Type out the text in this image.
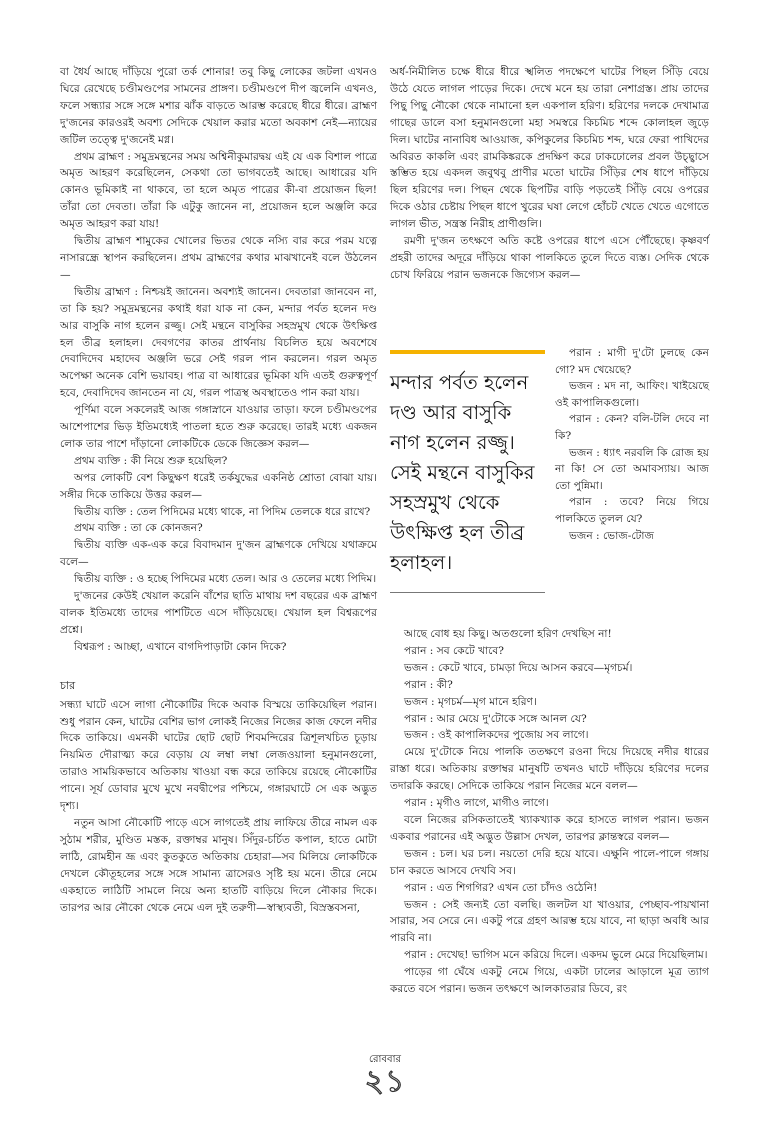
বা ধৈর্য আছে দাঁড়িয়ে পুরো তর্ক শোনার! তবু কিছু লোকের জটলা এখনও ঘিরে রেখেছে চণ্ডীমণ্ডপের সামনের প্রাঙ্গণ। চণ্ডীমণ্ডপে দীপ জ্বলেনি এখনও, ফলে সন্ধ্যার সঙ্গে সঙ্গে মশার ঝাঁক বাড়তে আরম্ভ করেছে ধীরে ধীরে। ব্রাহ্মণ দু'জনের কারওরই অবশ্য সেদিকে খেয়াল করার মতো অবকাশ নেই—ন্যায়ের জটিল তত্ত্বে দু'জনেই মগ্ন।

প্রথম ব্রাহ্মণ : সমুদ্রমন্থনের সময় অশ্বিনীকুমারদ্বয় এই যে এক বিশাল পাত্রে অমৃত আহরণ করেছিলেন, সেকথা তো ভাগবতেই আছে। আধারের যদি কোনও ভূমিকাই না থাকবে, তা হলে অমৃত পাত্রের কী-বা প্রয়োজন ছিল! তাঁরা তো দেবতা। তাঁরা কি এটুকু জানেন না, প্রয়োজন হলে অঞ্জলি করে অমৃত আহরণ করা যায়!

দ্বিতীয় ব্রাহ্মণ শামুকের খোলের ভিতর থেকে নস্যি বার করে পরম যত্নে নাসারন্ধ্রে স্থাপন করছিলেন। প্রথম ব্রাহ্মণের কথার মাঝখানেই বলে উঠলেন—

দ্বিতীয় ব্রাহ্মণ : নিশ্চয়ই জানেন। অবশ্যই জানেন। দেবতারা জানবেন না, তা কি হয়? সমুদ্রমন্থনের কথাই ধরা যাক না কেন, মন্দার পর্বত হলেন দণ্ড আর বাসুকি নাগ হলেন রজ্জু। সেই মন্থনে বাসুকির সহস্রমুখ থেকে উৎক্ষিপ্ত হল তীব্র হলাহল। দেবগণের কাতর প্রার্থনায় বিচলিত হয়ে অবশেষে দেবাদিদেব মহাদেব অঞ্জলি ভরে সেই গরল পান করলেন। গরল অমৃত অপেক্ষা অনেক বেশি ভয়াবহ। পাত্র বা আধারের ভূমিকা যদি এতই গুরুত্বপূর্ণ হবে, দেবাদিদেব জানতেন না যে, গরল পাত্রস্থ অবস্থাতেও পান করা যায়।

পূর্ণিমা বলে সকলেরই আজ গঙ্গাস্নানে যাওয়ার তাড়া। ফলে চণ্ডীমণ্ডপের আশেপাশের ভিড় ইতিমধ্যেই পাতলা হতে শুরু করেছে। তারই মধ্যে একজন লোক তার পাশে দাঁড়ানো লোকটিকে ডেকে জিজ্ঞেস করল—

প্রথম ব্যক্তি : কী নিয়ে শুরু হয়েছিল?

অপর লোকটি বেশ কিছুক্ষণ ধরেই তর্কযুদ্ধের একনিষ্ঠ শ্রোতা বোঝা যায়। সঙ্গীর দিকে তাকিয়ে উত্তর করল—

দ্বিতীয় ব্যক্তি : তেল পিদিমের মধ্যে থাকে, না পিদিম তেলকে ধরে রাখে?

প্রথম ব্যক্তি : তা কে কোনজন?

দ্বিতীয় ব্যক্তি এক-এক করে বিবাদমান দু'জন ব্রাহ্মণকে দেখিয়ে যথাক্রমে বলে—

দ্বিতীয় ব্যক্তি : ও হচ্ছে পিদিমের মধ্যে তেল। আর ও তেলের মধ্যে পিদিম।

দু'জনের কেউই খেয়াল করেনি বাঁশের ছাতি মাথায় দশ বছরের এক ব্রাহ্মণ বালক ইতিমধ্যে তাদের পাশটিতে এসে দাঁড়িয়েছে। খেয়াল হল বিশ্বরূপের প্রশ্নে।

বিশ্বরূপ : আচ্ছা, এখানে বাগদিপাড়াটা কোন দিকে?

চার

সন্ধ্যা ঘাটে এসে লাগা নৌকোটির দিকে অবাক বিস্ময়ে তাকিয়েছিল পরান। শুধু পরান কেন, ঘাটের বেশির ভাগ লোকই নিজের নিজের কাজ ফেলে নদীর দিকে তাকিয়ে। এমনকী ঘাটের ছোট ছোট শিবমন্দিরের ত্রিশূলখচিত চূড়ায় নিয়মিত দৌরাত্ম্য করে বেড়ায় যে লম্বা লম্বা লেজওয়ালা হনুমানগুলো, তারাও সাময়িকভাবে অতিকায় খাওয়া বন্ধ করে তাকিয়ে রয়েছে নৌকোটির পানে। সূর্য ডোবার মুখে মুখে নবদ্বীপের পশ্চিমে, গঙ্গারঘাটে সে এক অদ্ভুত দৃশ্য।

নতুন আসা নৌকোটি পাড়ে এসে লাগতেই প্রায় লাফিয়ে তীরে নামল এক সুঠাম শরীর, মুণ্ডিত মস্তক, রক্তাম্বর মানুষ। সিঁদুর-চর্চিত কপাল, হাতে মোটা লাঠি, রোমহীন ভ্রূ এবং কুতকুতে অতিকায় চেহারা—সব মিলিয়ে লোকটিকে দেখলে কৌতূহলের সঙ্গে সঙ্গে সামান্য ত্রাসেরও সৃষ্টি হয় মনে। তীরে নেমে একহাতে লাঠিটি সামলে নিয়ে অন্য হাতটি বাড়িয়ে দিলে নৌকার দিকে। তারপর আর নৌকো থেকে নেমে এল দুই তরুণী—স্বাস্থ্যবতী, বিস্রস্তবসনা,

অর্ধ-নিমীলিত চক্ষে ধীরে ধীরে স্খলিত পদক্ষেপে ঘাটের পিছল সিঁড়ি বেয়ে উঠে যেতে লাগল পাড়ের দিকে। দেখে মনে হয় তারা নেশাগ্রস্ত। প্রায় তাদের পিছু পিছু নৌকো থেকে নামানো হল একপাল হরিণ। হরিণের দলকে দেখামাত্র গাছের ডালে বসা হনুমানগুলো মহা সমস্বরে কিচমিচ শব্দে কোলাহল জুড়ে দিল। ঘাটের নানাবিধ আওয়াজ, কপিকুলের কিচমিচ শব্দ, ঘরে ফেরা পাখিদের অবিরত কাকলি এবং রামকিঙ্করকে প্রদক্ষিণ করে ঢাকঢোলের প্রবল উচ্ছ্বাসে স্তম্ভিত হয়ে একদল জবুথবু প্রাণীর মতো ঘাটের সিঁড়ির শেষ ধাপে দাঁড়িয়ে ছিল হরিণের দল। পিছন থেকে ছিপটির বাড়ি পড়তেই সিঁড়ি বেয়ে ওপরের দিকে ওঠার চেষ্টায় পিছল ধাপে খুরের ঘষা লেগে হোঁচট খেতে খেতে এগোতে লাগল ভীত, সন্ত্রস্ত নিরীহ প্রাণীগুলি।

রমণী দু'জন তৎক্ষণে অতি কষ্টে ওপরের ধাপে এসে পৌঁছেছে। কৃষ্ণবর্ণ প্রহরী তাদের অদূরে দাঁড়িয়ে থাকা পালকিতে তুলে দিতে ব্যস্ত। সেদিক থেকে চোখ ফিরিয়ে পরান ভজনকে জিগ্যেস করল—

মন্দার পর্বত হলেন দণ্ড আর বাসুকি নাগ হলেন রজ্জু। সেই মন্থনে বাসুকির সহস্রমুখ থেকে উৎক্ষিপ্ত হল তীব্র হলাহল।

পরান : মাগী দু'টো ঢুলছে কেন গো? মদ খেয়েছে?

ভজন : মদ না, আফিং। খাইয়েছে ওই কাপালিকগুলো।

পরান : কেন? বলি-টলি দেবে না কি?

ভজন : ধ্যাৎ নরবলি কি রোজ হয় না কি! সে তো অমাবস্যায়। আজ তো পুন্নিমা।

পরান : তবে? নিয়ে গিয়ে পালকিতে তুলল যে?

ভজন : ভোজ-টোজ

আছে বোধ হয় কিছু। অতগুলো হরিণ দেখছিস না!

পরান : সব কেটে খাবে?

ভজন : কেটে খাবে, চামড়া দিয়ে আসন করবে—মৃগচর্ম।

পরান : কী?

ভজন : মৃগচর্ম—মৃগ মানে হরিণ।

পরান : আর মেয়ে দু'টোকে সঙ্গে আনল যে?

ভজন : ওই কাপালিকদের পুজোয় সব লাগে।

মেয়ে দু'টোকে নিয়ে পালকি ততক্ষণে রওনা দিয়ে দিয়েছে নদীর ধারের রাস্তা ধরে। অতিকায় রক্তাম্বর মানুষটি তখনও ঘাটে দাঁড়িয়ে হরিণের দলের তদারকি করছে। সেদিকে তাকিয়ে পরান নিজের মনে বলল—

পরান : মৃগীও লাগে, মাগীও লাগে।

বলে নিজের রসিকতাতেই খ্যাকখ্যাক করে হাসতে লাগল পরান। ভজন একবার পরানের এই অদ্ভুত উল্লাস দেখল, তারপর ক্লান্তস্বরে বলল—

ভজন : চল। ঘর চল। নয়তো দেরি হয়ে যাবে। এক্ষুনি পালে-পালে গঙ্গায় চান করতে আসবে দেখবি সব।

পরান : এত শিগগির? এখন তো চাঁদও ওঠেনি!

ভজন : সেই জন্যই তো বলছি। জলটল যা খাওয়ার, পেচ্ছাব-পায়খানা সারার, সব সেরে নে। একটু পরে গ্রহণ আরম্ভ হয়ে যাবে, না ছাড়া অবধি আর পারবি না।

পরান : দেখেছ! ভাগিস মনে করিয়ে দিলে। একদম ভুলে মেরে দিয়েছিলাম।

পাড়ের গা ঘেঁষে একটু নেমে গিয়ে, একটা ঢালের আড়ালে মূত্র ত্যাগ করতে বসে পরান। ভজন তৎক্ষণে আলকাতরার ডিবে, রং

রোববার
২১
